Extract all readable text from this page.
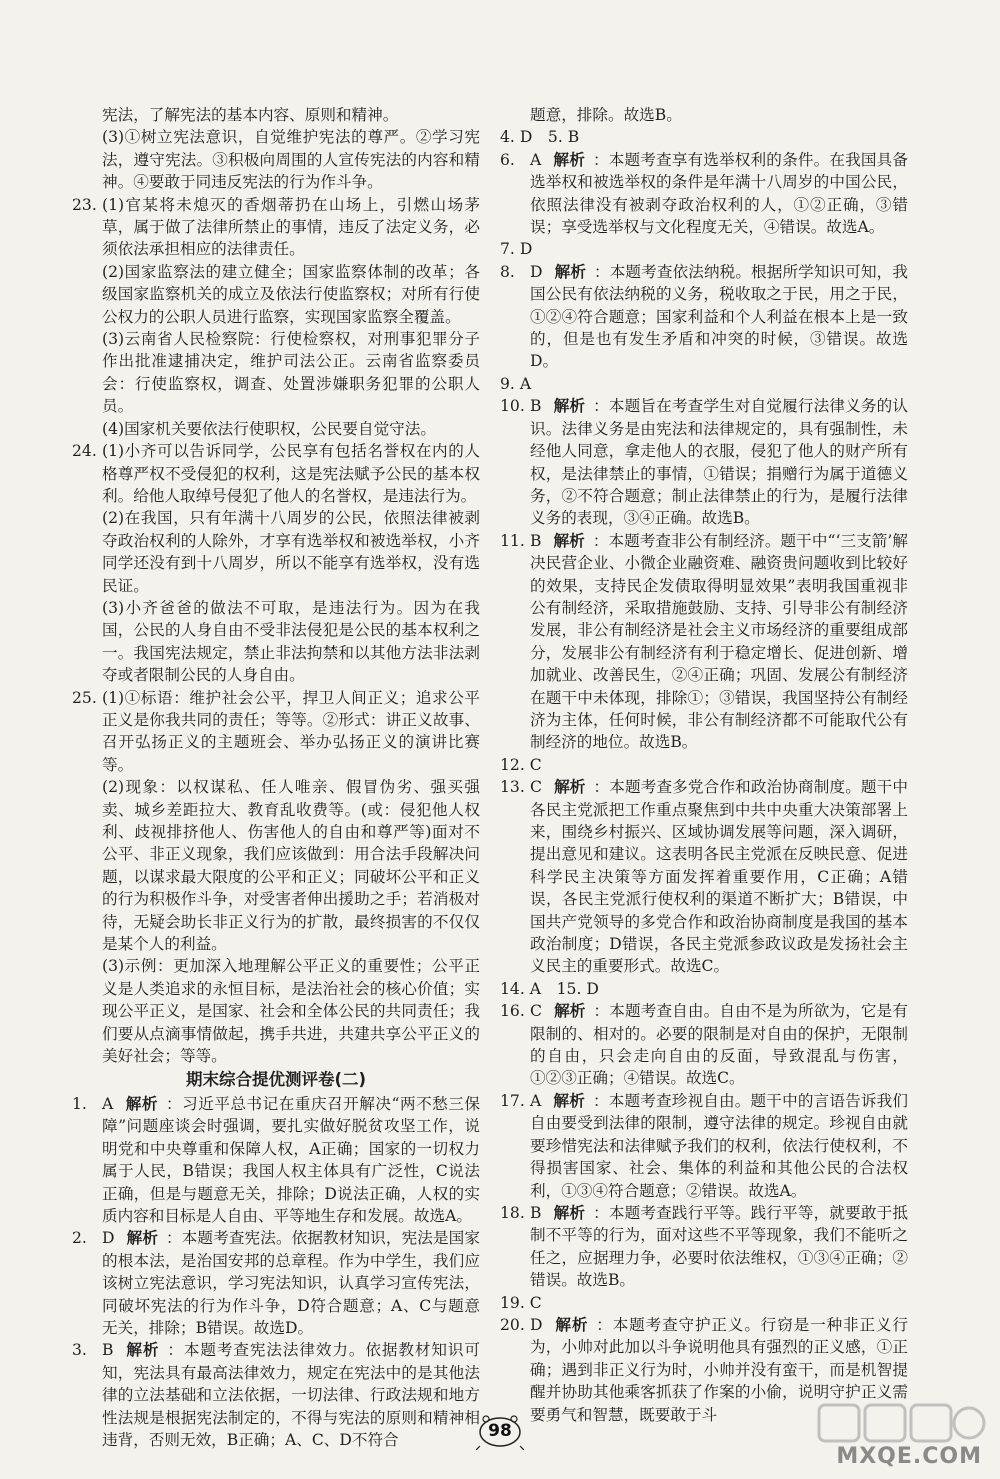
宪法，了解宪法的基本内容、原则和精神。
(3)①树立宪法意识，自觉维护宪法的尊严。②学习宪法，遵守宪法。③积极向周围的人宣传宪法的内容和精神。④要敢于同违反宪法的行为作斗争。
23. (1)官某将未熄灭的香烟蒂扔在山场上，引燃山场茅草，属于做了法律所禁止的事情，违反了法定义务，必须依法承担相应的法律责任。
(2)国家监察法的建立健全；国家监察体制的改革；各级国家监察机关的成立及依法行使监察权；对所有行使公权力的公职人员进行监察，实现国家监察全覆盖。
(3)云南省人民检察院：行使检察权，对刑事犯罪分子作出批准逮捕决定，维护司法公正。云南省监察委员会：行使监察权，调查、处置涉嫌职务犯罪的公职人员。
(4)国家机关要依法行使职权，公民要自觉守法。
24. (1)小齐可以告诉同学，公民享有包括名誉权在内的人格尊严权不受侵犯的权利，这是宪法赋予公民的基本权利。给他人取绰号侵犯了他人的名誉权，是违法行为。
(2)在我国，只有年满十八周岁的公民，依照法律被剥夺政治权利的人除外，才享有选举权和被选举权，小齐同学还没有到十八周岁，所以不能享有选举权，没有选民证。
(3)小齐爸爸的做法不可取，是违法行为。因为在我国，公民的人身自由不受非法侵犯是公民的基本权利之一。我国宪法规定，禁止非法拘禁和以其他方法非法剥夺或者限制公民的人身自由。
25. (1)①标语：维护社会公平，捍卫人间正义；追求公平正义是你我共同的责任；等等。②形式：讲正义故事、召开弘扬正义的主题班会、举办弘扬正义的演讲比赛等。
(2)现象：以权谋私、任人唯亲、假冒伪劣、强买强卖、城乡差距拉大、教育乱收费等。(或：侵犯他人权利、歧视排挤他人、伤害他人的自由和尊严等)面对不公平、非正义现象，我们应该做到：用合法手段解决问题，以谋求最大限度的公平和正义；同破坏公平和正义的行为积极作斗争，对受害者伸出援助之手；若消极对待，无疑会助长非正义行为的扩散，最终损害的不仅仅是某个人的利益。
(3)示例：更加深入地理解公平正义的重要性；公平正义是人类追求的永恒目标，是法治社会的核心价值；实现公平正义，是国家、社会和全体公民的共同责任；我们要从点滴事情做起，携手共进，共建共享公平正义的美好社会；等等。
期末综合提优测评卷(二)
1. A 解析 ：习近平总书记在重庆召开解决“两不愁三保障”问题座谈会时强调，要扎实做好脱贫攻坚工作，说明党和中央尊重和保障人权，A正确；国家的一切权力属于人民，B错误；我国人权主体具有广泛性，C说法正确，但是与题意无关，排除；D说法正确，人权的实质内容和目标是人自由、平等地生存和发展。故选A。
2. D 解析 ：本题考查宪法。依据教材知识，宪法是国家的根本法，是治国安邦的总章程。作为中学生，我们应该树立宪法意识，学习宪法知识，认真学习宣传宪法，同破坏宪法的行为作斗争，D符合题意；A、C与题意无关，排除；B错误。故选D。
3. B 解析 ：本题考查宪法法律效力。依据教材知识可知，宪法具有最高法律效力，规定在宪法中的是其他法律的立法基础和立法依据，一切法律、行政法规和地方性法规是根据宪法制定的，不得与宪法的原则和精神相违背，否则无效，B正确；A、C、D不符合
题意，排除。故选B。
4. D　5. B
6. A 解析 ：本题考查享有选举权利的条件。在我国具备选举权和被选举权的条件是年满十八周岁的中国公民，依照法律没有被剥夺政治权利的人，①②正确，③错误；享受选举权与文化程度无关，④错误。故选A。
7. D
8. D 解析 ：本题考查依法纳税。根据所学知识可知，我国公民有依法纳税的义务，税收取之于民，用之于民，①②④符合题意；国家利益和个人利益在根本上是一致的，但是也有发生矛盾和冲突的时候，③错误。故选D。
9. A
10. B 解析 ：本题旨在考查学生对自觉履行法律义务的认识。法律义务是由宪法和法律规定的，具有强制性，未经他人同意，拿走他人的衣服，侵犯了他人的财产所有权，是法律禁止的事情，①错误；捐赠行为属于道德义务，②不符合题意；制止法律禁止的行为，是履行法律义务的表现，③④正确。故选B。
11. B 解析 ：本题考查非公有制经济。题干中“‘三支箭’解决民营企业、小微企业融资难、融资贵问题收到比较好的效果，支持民企发债取得明显效果”表明我国重视非公有制经济，采取措施鼓励、支持、引导非公有制经济发展，非公有制经济是社会主义市场经济的重要组成部分，发展非公有制经济有利于稳定增长、促进创新、增加就业、改善民生，②④正确；巩固、发展公有制经济在题干中未体现，排除①；③错误，我国坚持公有制经济为主体，任何时候，非公有制经济都不可能取代公有制经济的地位。故选B。
12. C
13. C 解析 ：本题考查多党合作和政治协商制度。题干中各民主党派把工作重点聚焦到中共中央重大决策部署上来，围绕乡村振兴、区域协调发展等问题，深入调研，提出意见和建议。这表明各民主党派在反映民意、促进科学民主决策等方面发挥着重要作用，C正确；A错误，各民主党派行使权利的渠道不断扩大；B错误，中国共产党领导的多党合作和政治协商制度是我国的基本政治制度；D错误，各民主党派参政议政是发扬社会主义民主的重要形式。故选C。
14. A　15. D
16. C 解析 ：本题考查自由。自由不是为所欲为，它是有限制的、相对的。必要的限制是对自由的保护，无限制的自由，只会走向自由的反面，导致混乱与伤害，①②③正确；④错误。故选C。
17. A 解析 ：本题考查珍视自由。题干中的言语告诉我们自由要受到法律的限制，遵守法律的规定。珍视自由就要珍惜宪法和法律赋予我们的权利，依法行使权利，不得损害国家、社会、集体的利益和其他公民的合法权利，①③④符合题意；②错误。故选A。
18. B 解析 ：本题考查践行平等。践行平等，就要敢于抵制不平等的行为，面对这些不平等现象，我们不能听之任之，应据理力争，必要时依法维权，①③④正确；②错误。故选B。
19. C
20. D 解析 ：本题考查守护正义。行窃是一种非正义行为，小帅对此加以斗争说明他具有强烈的正义感，①正确；遇到非正义行为时，小帅并没有蛮干，而是机智提醒并协助其他乘客抓获了作案的小偷，说明守护正义需要勇气和智慧，既要敢于斗
98
MXQE.COM
